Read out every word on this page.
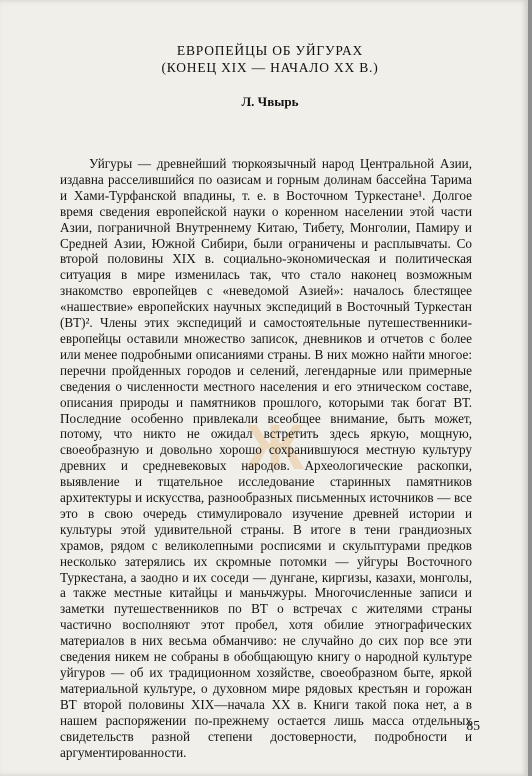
ЕВРОПЕЙЦЫ ОБ УЙГУРАХ
(КОНЕЦ XIX — НАЧАЛО XX В.)
Л. Чвырь
Ж

Уйгуры — древнейший тюркоязычный народ Центральной Азии, издавна расселившийся по оазисам и горным долинам бассейна Тарима и Хами-Турфанской впадины, т. е. в Восточном Туркестане¹. Долгое время сведения европейской науки о коренном населении этой части Азии, пограничной Внутреннему Китаю, Тибету, Монголии, Памиру и Средней Азии, Южной Сибири, были ограничены и расплывчаты. Со второй половины XIX в. социально-экономическая и политическая ситуация в мире изменилась так, что стало наконец возможным знакомство европейцев с «неведомой Азией»: началось блестящее «нашествие» европейских научных экспедиций в Восточный Туркестан (ВТ)². Члены этих экспедиций и самостоятельные путешественники-европейцы оставили множество записок, дневников и отчетов с более или менее подробными описаниями страны. В них можно найти многое: перечни пройденных городов и селений, легендарные или примерные сведения о численности местного населения и его этническом составе, описания природы и памятников прошлого, которыми так богат ВТ. Последние особенно привлекали всеобщее внимание, быть может, потому, что никто не ожидал встретить здесь яркую, мощную, своеобразную и довольно хорошо сохранившуюся местную культуру древних и средневековых народов. Археологические раскопки, выявление и тщательное исследование старинных памятников архитектуры и искусства, разнообразных письменных источников — все это в свою очередь стимулировало изучение древней истории и культуры этой удивительной страны. В итоге в тени грандиозных храмов, рядом с великолепными росписями и скульптурами предков несколько затерялись их скромные потомки — уйгуры Восточного Туркестана, а заодно и их соседи — дунгане, киргизы, казахи, монголы, а также местные китайцы и маньчжуры. Многочисленные записи и заметки путешественников по ВТ о встречах с жителями страны частично восполняют этот пробел, хотя обилие этнографических материалов в них весьма обманчиво: не случайно до сих пор все эти сведения никем не собраны в обобщающую книгу о народной культуре уйгуров — об их традиционном хозяйстве, своеобразном быте, яркой материальной культуре, о духовном мире рядовых крестьян и горожан ВТ второй половины XIX—начала XX в. Книги такой пока нет, а в нашем распоряжении по-прежнему остается лишь масса отдельных свидетельств разной степени достоверности, подробности и аргументированности.

85
